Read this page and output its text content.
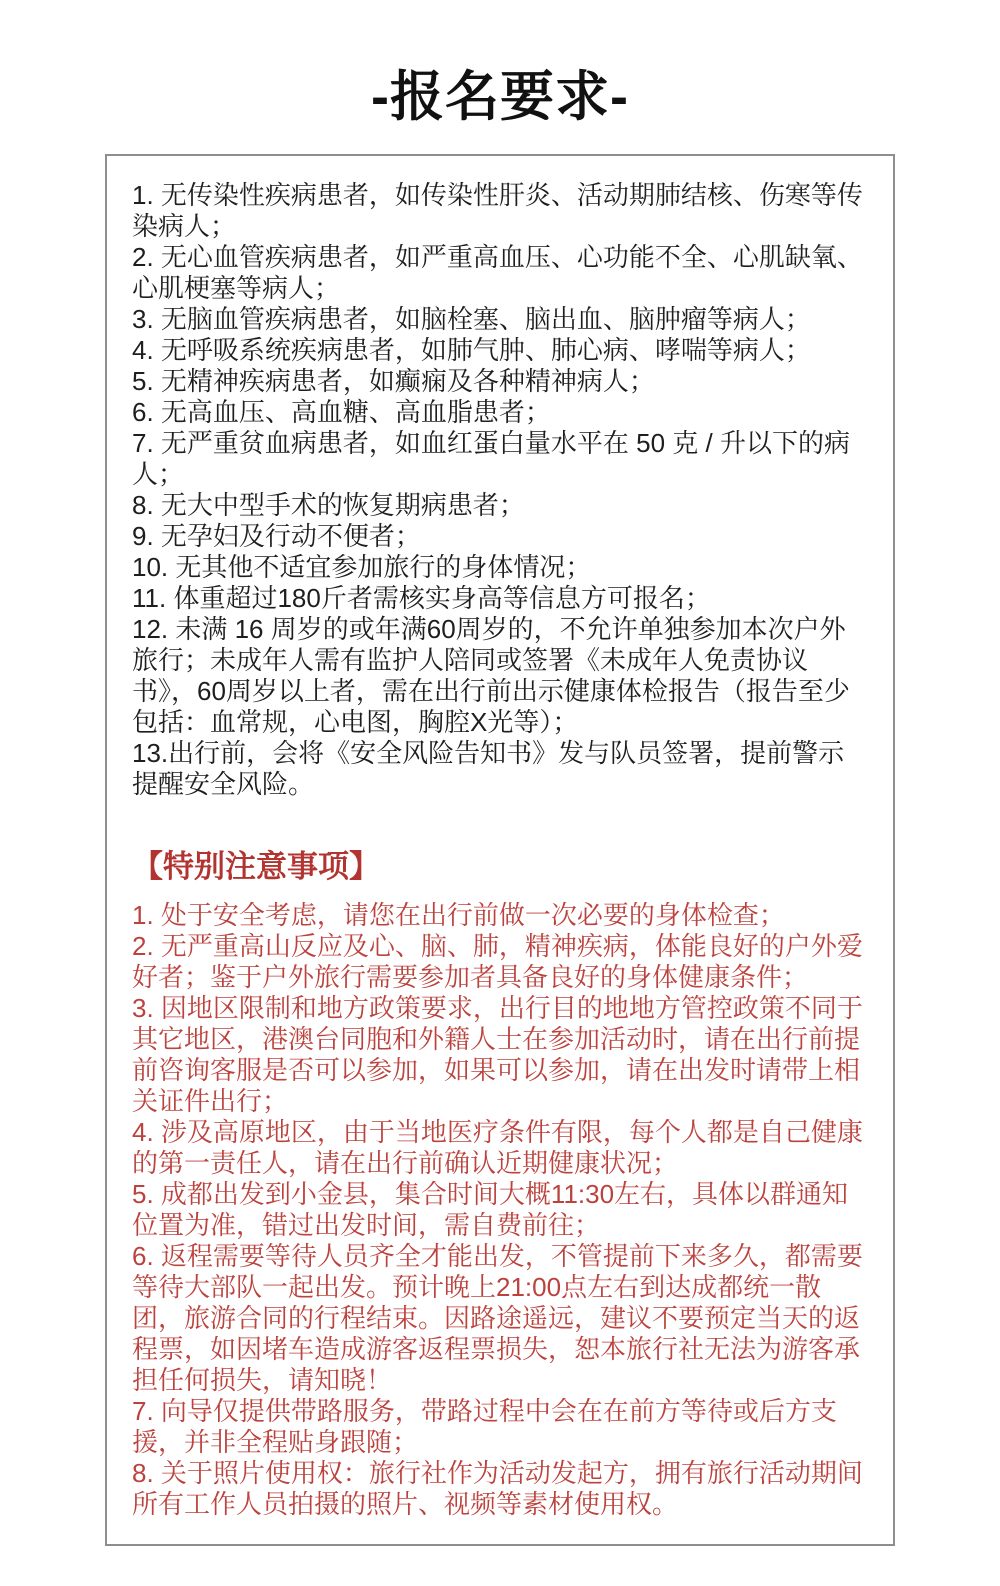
-报名要求-

1. 无传染性疾病患者，如传染性肝炎、活动期肺结核、伤寒等传染病人；

2. 无心血管疾病患者，如严重高血压、心功能不全、心肌缺氧、心肌梗塞等病人；

3. 无脑血管疾病患者，如脑栓塞、脑出血、脑肿瘤等病人；

4. 无呼吸系统疾病患者，如肺气肿、肺心病、哮喘等病人；

5. 无精神疾病患者，如癫痫及各种精神病人；

6. 无高血压、高血糖、高血脂患者；

7. 无严重贫血病患者，如血红蛋白量水平在 50 克 / 升以下的病人；

8. 无大中型手术的恢复期病患者；

9. 无孕妇及行动不便者；

10. 无其他不适宜参加旅行的身体情况；

11. 体重超过180斤者需核实身高等信息方可报名；

12. 未满 16 周岁的或年满60周岁的，不允许单独参加本次户外旅行；未成年人需有监护人陪同或签署《未成年人免责协议书》，60周岁以上者，需在出行前出示健康体检报告（报告至少包括：血常规，心电图，胸腔X光等）；

13.出行前，会将《安全风险告知书》发与队员签署，提前警示提醒安全风险。

【特别注意事项】

1. 处于安全考虑，请您在出行前做一次必要的身体检查；

2. 无严重高山反应及心、脑、肺，精神疾病，体能良好的户外爱好者；鉴于户外旅行需要参加者具备良好的身体健康条件；

3. 因地区限制和地方政策要求，出行目的地地方管控政策不同于其它地区，港澳台同胞和外籍人士在参加活动时，请在出行前提前咨询客服是否可以参加，如果可以参加，请在出发时请带上相关证件出行；

4. 涉及高原地区，由于当地医疗条件有限，每个人都是自己健康的第一责任人，请在出行前确认近期健康状况；

5. 成都出发到小金县，集合时间大概11:30左右，具体以群通知位置为准，错过出发时间，需自费前往；

6. 返程需要等待人员齐全才能出发，不管提前下来多久，都需要等待大部队一起出发。预计晚上21:00点左右到达成都统一散团，旅游合同的行程结束。因路途遥远，建议不要预定当天的返程票，如因堵车造成游客返程票损失，恕本旅行社无法为游客承担任何损失，请知晓！

7. 向导仅提供带路服务，带路过程中会在在前方等待或后方支援，并非全程贴身跟随；

8. 关于照片使用权：旅行社作为活动发起方，拥有旅行活动期间所有工作人员拍摄的照片、视频等素材使用权。
